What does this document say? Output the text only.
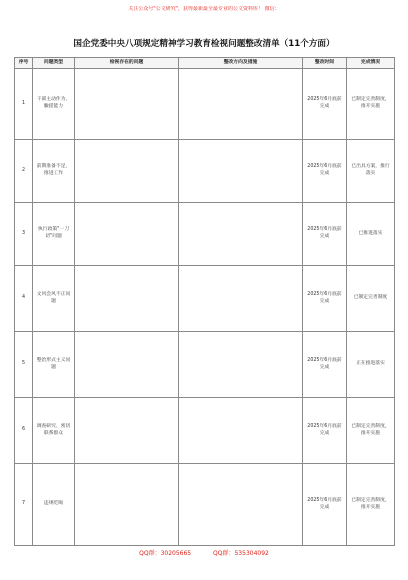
关注公众号"公文研究"，获得最新最全最专业的公文资料库！ 微信：
国企党委中央八项规定精神学习教育检视问题整改清单（11个方面）
序号	问题类型	检视存在的问题	整改方向及措施	整改时间	完成情况
1	干部主动作为、驗提能力			2025年6月底前完成	已制定完善制度，推开实施
2	前期准备不足，推进工作			2025年6月底前完成	已出具方案，推行落实
3	执行政策"一刀切"问题			2025年6月底前完成	已推进落实
4	文风会风不正问题			2025年6月底前完成	已制定完善制度
5	整治形式主义问题			2025年6月底前完成	正在推进落实
6	调查研究、密切联系群众			2025年6月底前完成	已制定完善制度，推开实施
7	违规吃喝			2025年6月底前完成	已制定完善制度，推开实施
QQ群：30205665	QQ群：535304092
